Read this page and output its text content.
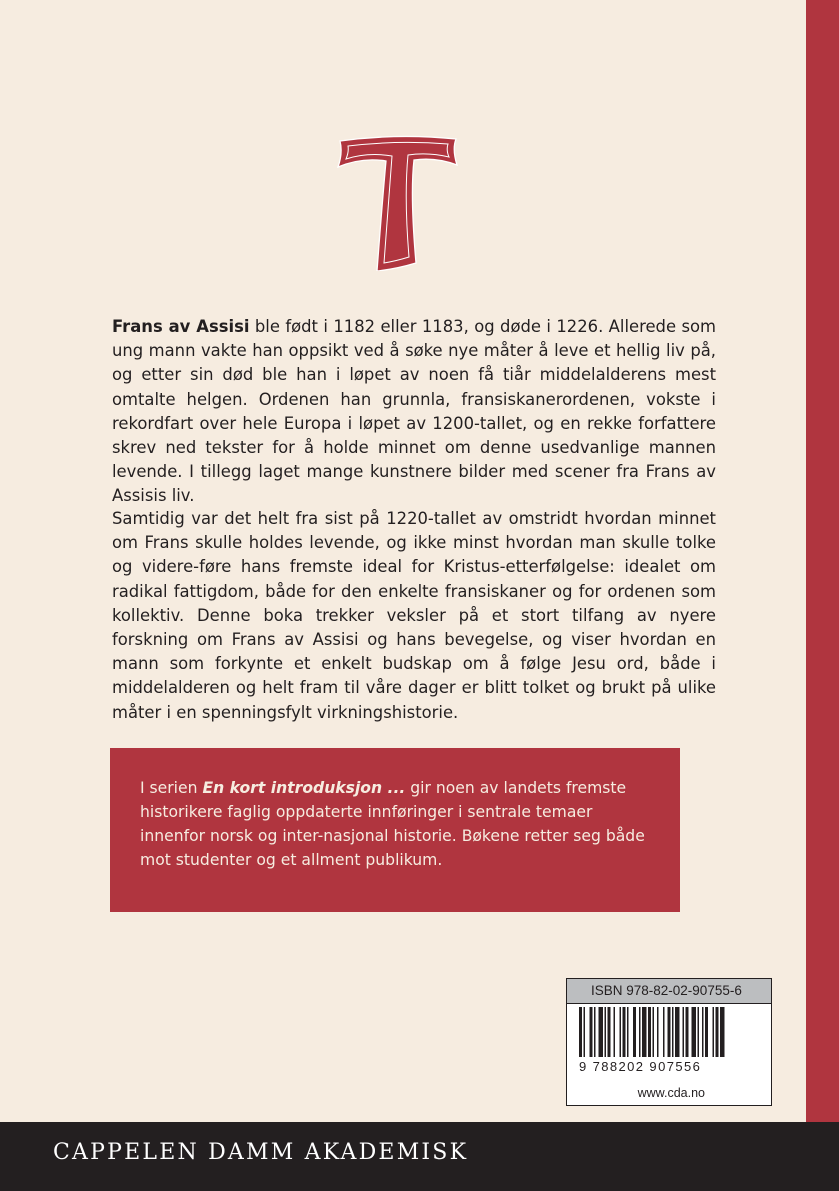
Frans av Assisi ble født i 1182 eller 1183, og døde i 1226. Allerede som ung mann vakte han oppsikt ved å søke nye måter å leve et hellig liv på, og etter sin død ble han i løpet av noen få tiår middelalderens mest omtalte helgen. Ordenen han grunnla, fransiskanerordenen, vokste i rekordfart over hele Europa i løpet av 1200-tallet, og en rekke forfattere skrev ned tekster for å holde minnet om denne usedvanlige mannen levende. I tillegg laget mange kunstnere bilder med scener fra Frans av Assisis liv.

Samtidig var det helt fra sist på 1220-tallet av omstridt hvordan minnet om Frans skulle holdes levende, og ikke minst hvordan man skulle tolke og videre-føre hans fremste ideal for Kristus-etterfølgelse: idealet om radikal fattigdom, både for den enkelte fransiskaner og for ordenen som kollektiv. Denne boka trekker veksler på et stort tilfang av nyere forskning om Frans av Assisi og hans bevegelse, og viser hvordan en mann som forkynte et enkelt budskap om å følge Jesu ord, både i middelalderen og helt fram til våre dager er blitt tolket og brukt på ulike måter i en spenningsfylt virkningshistorie.

I serien En kort introduksjon ... gir noen av landets fremste historikere faglig oppdaterte innføringer i sentrale temaer innenfor norsk og inter-nasjonal historie. Bøkene retter seg både mot studenter og et allment publikum.
ISBN 978-82-02-90755-6
9 788202 907556
www.cda.no

CAPPELEN DAMM AKADEMISK
